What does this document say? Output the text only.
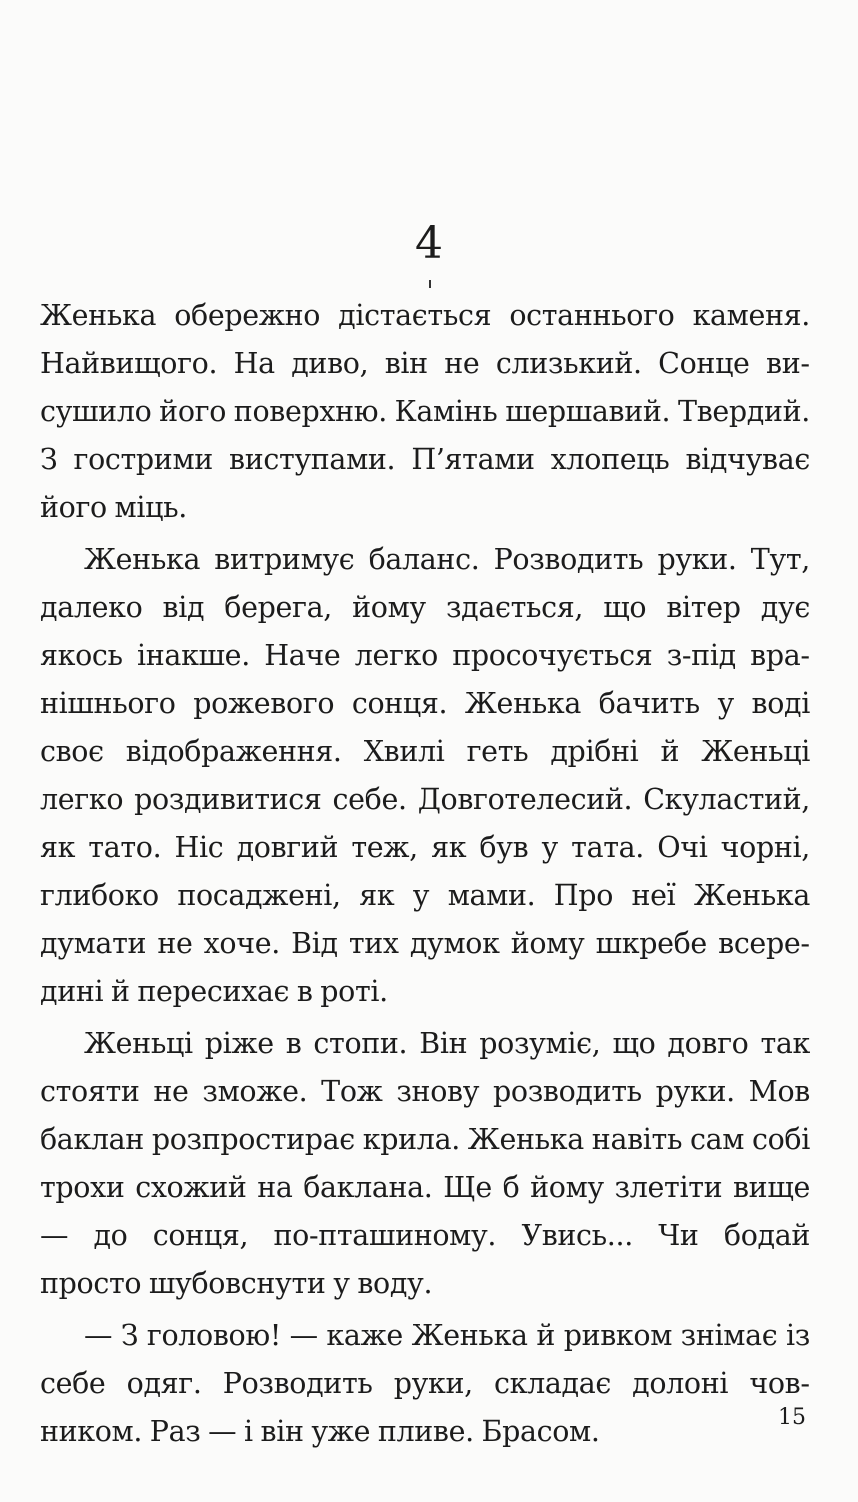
4

Женька обережно дістається останнього каменя. Найвищого. На диво, він не слизький. Сонце висушило його поверхню. Камінь шершавий. Твердий. З гострими виступами. П’ятами хлопець відчуває його міць.

Женька витримує баланс. Розводить руки. Тут, далеко від берега, йому здається, що вітер дує якось інакше. Наче легко просочується з-під вранішнього рожевого сонця. Женька бачить у воді своє відображення. Хвилі геть дрібні й Женьці легко роздивитися себе. Довготелесий. Скуластий, як тато. Ніс довгий теж, як був у тата. Очі чорні, глибоко посаджені, як у мами. Про неї Женька думати не хоче. Від тих думок йому шкребе всередині й пересихає в роті.

Женьці ріже в стопи. Він розуміє, що довго так стояти не зможе. Тож знову розводить руки. Мов баклан розпростирає крила. Женька навіть сам собі трохи схожий на баклана. Ще б йому злетіти вище — до сонця, по-пташиному. Увись... Чи бодай просто шубовснути у воду.

— З головою! — каже Женька й ривком знімає із себе одяг. Розводить руки, складає долоні човником. Раз — і він уже пливе. Брасом.	15
